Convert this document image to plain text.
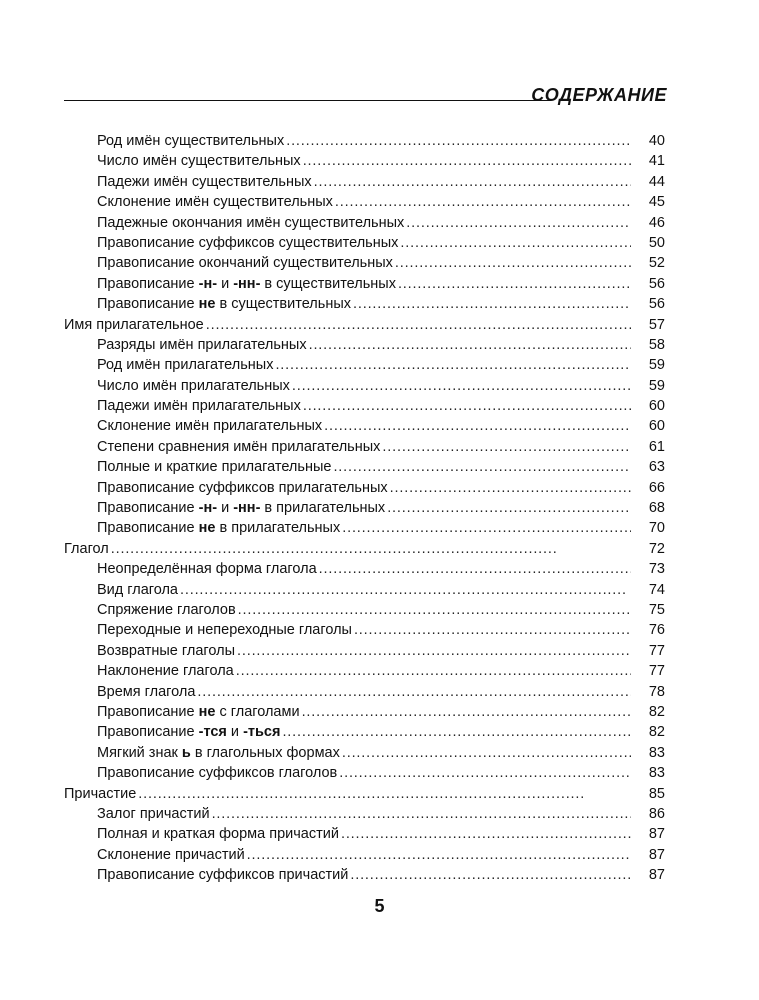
СОДЕРЖАНИЕ
Род имён существительных . . .	40
Число имён существительных . . .	41
Падежи имён существительных . . .	44
Склонение имён существительных . . .	45
Падежные окончания имён существительных . . .	46
Правописание суффиксов существительных . . .	50
Правописание окончаний существительных . . .	52
Правописание -н- и -нн- в существительных . . .	56
Правописание не в существительных . . .	56
Имя прилагательное . . .	57
Разряды имён прилагательных . . .	58
Род имён прилагательных . . .	59
Число имён прилагательных . . .	59
Падежи имён прилагательных . . .	60
Склонение имён прилагательных . . .	60
Степени сравнения имён прилагательных . . .	61
Полные и краткие прилагательные . . .	63
Правописание суффиксов прилагательных . . .	66
Правописание -н- и -нн- в прилагательных . . .	68
Правописание не в прилагательных . . .	70
Глагол . . .	72
Неопределённая форма глагола . . .	73
Вид глагола . . .	74
Спряжение глаголов . . .	75
Переходные и непереходные глаголы . . .	76
Возвратные глаголы . . .	77
Наклонение глагола . . .	77
Время глагола . . .	78
Правописание не с глаголами . . .	82
Правописание -тся и -ться . . .	82
Мягкий знак ь в глагольных формах . . .	83
Правописание суффиксов глаголов . . .	83
Причастие . . .	85
Залог причастий . . .	86
Полная и краткая форма причастий . . .	87
Склонение причастий . . .	87
Правописание суффиксов причастий . . .	87
5
